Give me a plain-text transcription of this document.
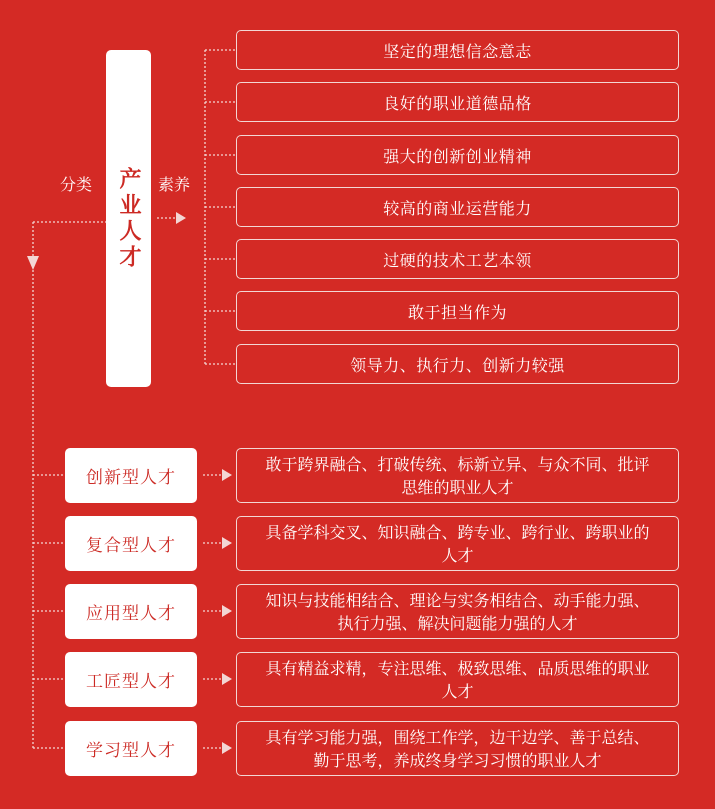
分类	素养
产业人才
坚定的理想信念意志
良好的职业道德品格
强大的创新创业精神
较高的商业运营能力
过硬的技术工艺本领
敢于担当作为
领导力、执行力、创新力较强
创新型人才
复合型人才
应用型人才
工匠型人才
学习型人才
敢于跨界融合、打破传统、标新立异、与众不同、批评思维的职业人才
具备学科交叉、知识融合、跨专业、跨行业、跨职业的人才
知识与技能相结合、理论与实务相结合、动手能力强、执行力强、解决问题能力强的人才
具有精益求精，专注思维、极致思维、品质思维的职业人才
具有学习能力强，围绕工作学，边干边学、善于总结、勤于思考，养成终身学习习惯的职业人才
